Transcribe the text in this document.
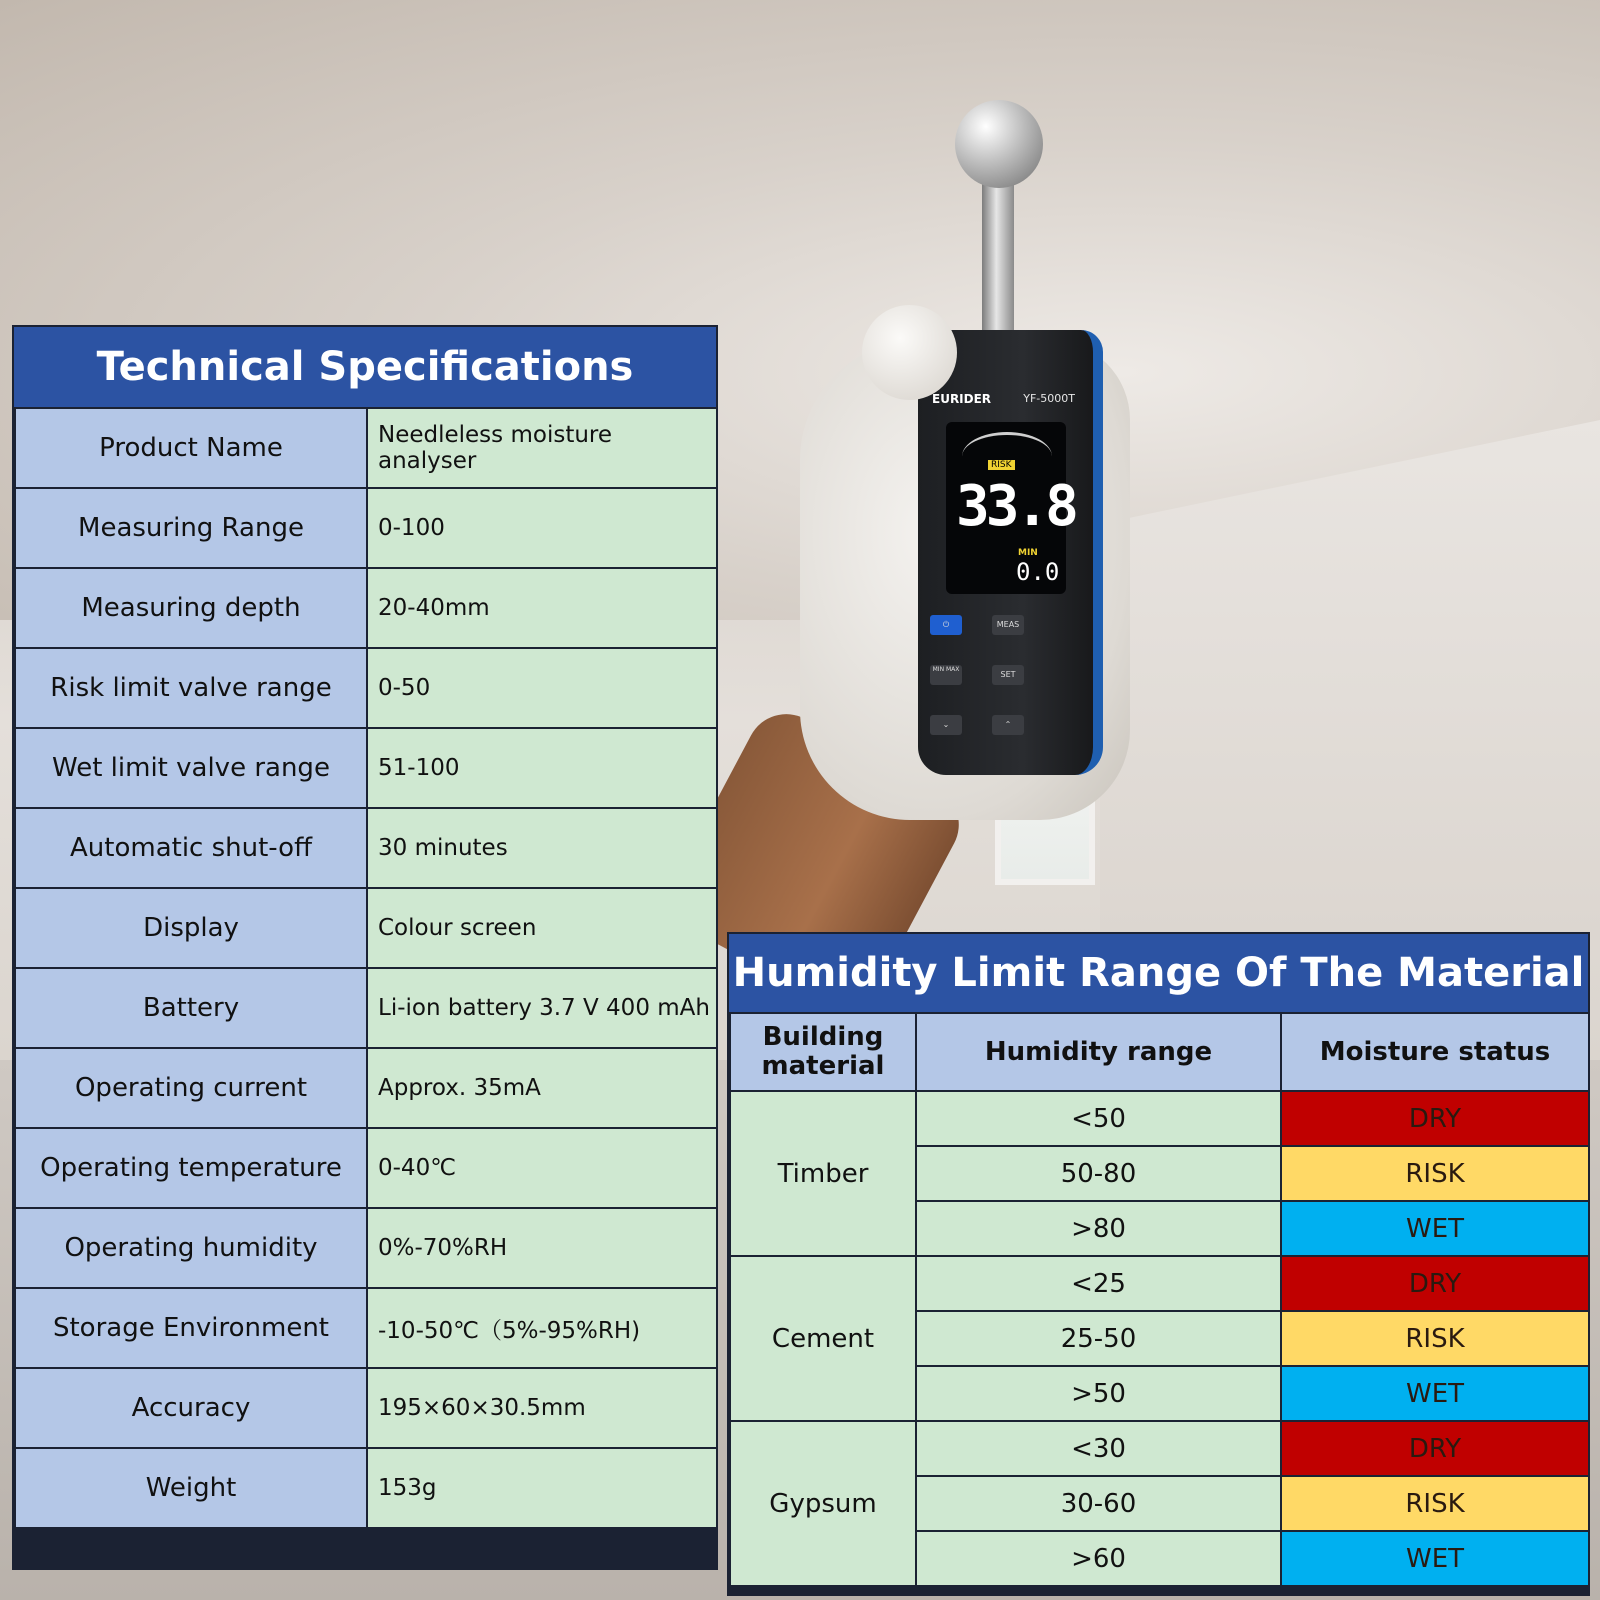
EURIDER	YF-5000T
RISK
33.8
MIN
0.0
⏻	MEAS
MIN MAX
SET
⌄	⌃
Technical Specifications
Product Name	Needleless moisture analyser
Measuring Range	0-100
Measuring depth	20-40mm
Risk limit valve range	0-50
Wet limit valve range	51-100
Automatic shut-off	30 minutes
Display	Colour screen
Battery	Li-ion battery 3.7 V 400 mAh
Operating current	Approx. 35mA
Operating temperature	0-40℃
Operating humidity	0%-70%RH
Storage Environment	-10-50℃（5%-95%RH)
Accuracy	195×60×30.5mm
Weight	153g
Humidity Limit Range Of The Material
Building material	Humidity range	Moisture status
Timber	<50	DRY
	50-80	RISK
	>80	WET
Cement	<25	DRY
	25-50	RISK
	>50	WET
Gypsum	<30	DRY
	30-60	RISK
	>60	WET
